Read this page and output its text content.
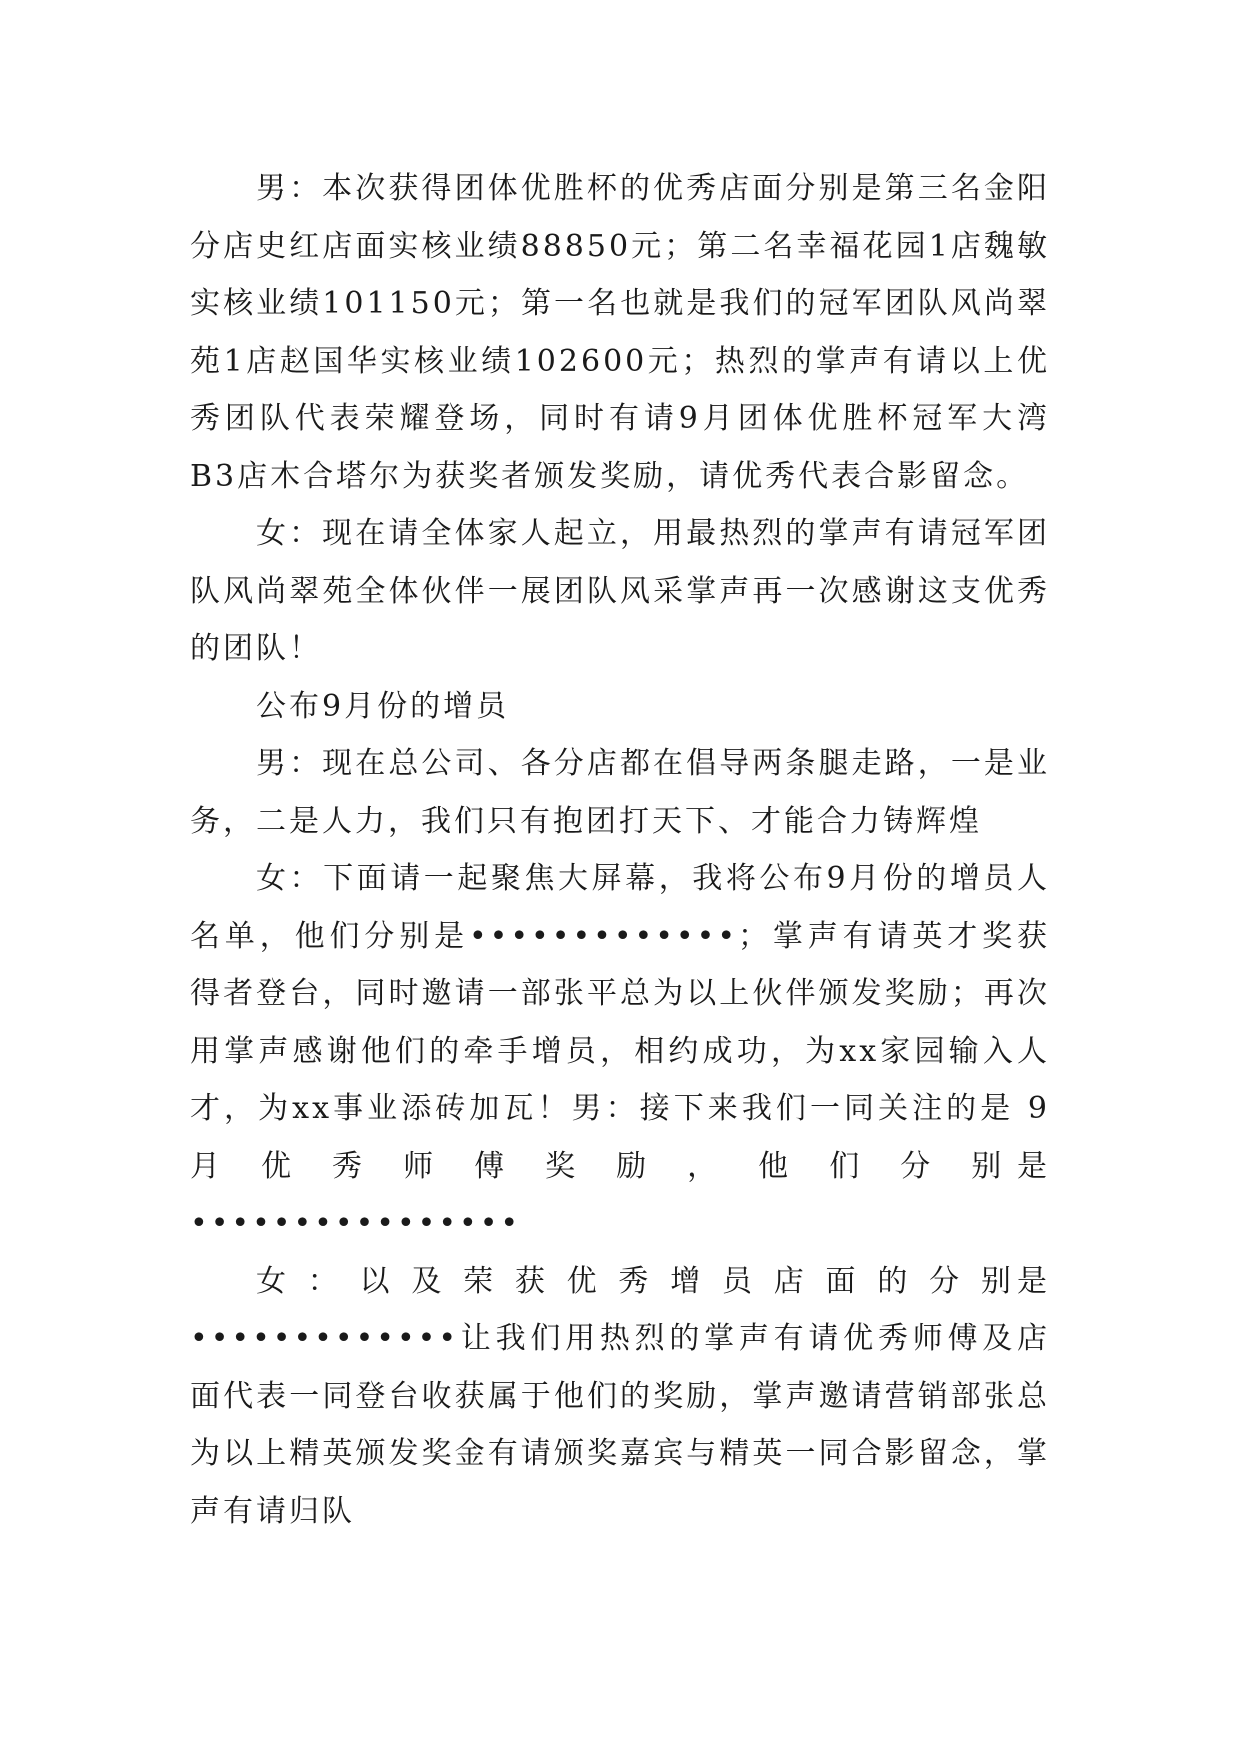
男：本次获得团体优胜杯的优秀店面分别是第三名金阳分店史红店面实核业绩88850元；第二名幸福花园1店魏敏实核业绩101150元；第一名也就是我们的冠军团队风尚翠苑1店赵国华实核业绩102600元；热烈的掌声有请以上优秀团队代表荣耀登场，同时有请9月团体优胜杯冠军大湾B3店木合塔尔为获奖者颁发奖励，请优秀代表合影留念。

女：现在请全体家人起立，用最热烈的掌声有请冠军团队风尚翠苑全体伙伴一展团队风采掌声再一次感谢这支优秀的团队！

公布9月份的增员

男：现在总公司、各分店都在倡导两条腿走路，一是业务，二是人力，我们只有抱团打天下、才能合力铸辉煌

女：下面请一起聚焦大屏幕，我将公布9月份的增员人名单，他们分别是•••••••••••••；掌声有请英才奖获得者登台，同时邀请一部张平总为以上伙伴颁发奖励；再次用掌声感谢他们的牵手增员，相约成功，为xx家园输入人才，为xx事业添砖加瓦！男：接下来我们一同关注的是 9 月 优 秀 师 傅 奖 励 ， 他 们 分 别是••••••••••••••••

女 ： 以 及 荣 获 优 秀 增 员 店 面 的 分 别是•••••••••••••让我们用热烈的掌声有请优秀师傅及店面代表一同登台收获属于他们的奖励，掌声邀请营销部张总为以上精英颁发奖金有请颁奖嘉宾与精英一同合影留念，掌声有请归队
